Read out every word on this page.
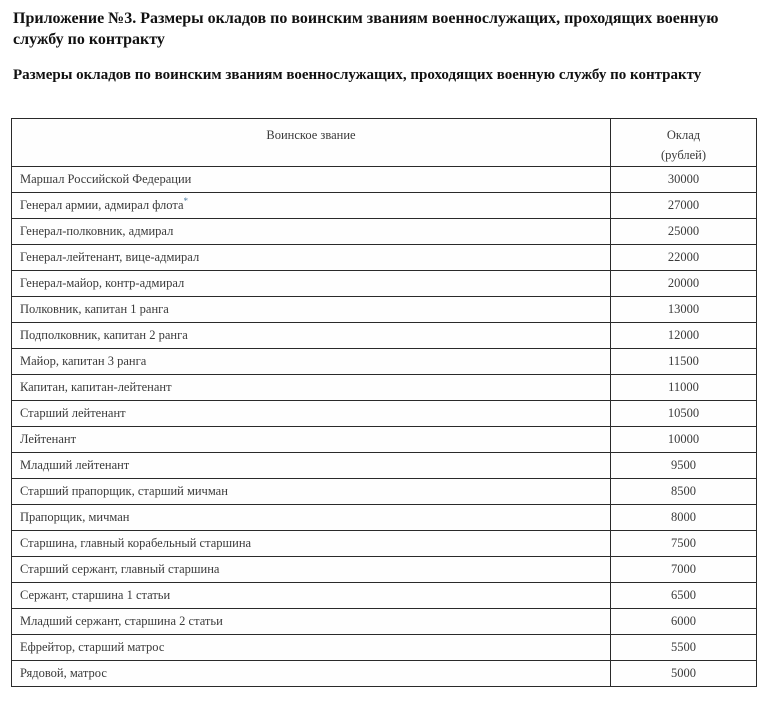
Приложение №3. Размеры окладов по воинским званиям военнослужащих, проходящих военную службу по контракту
Размеры окладов по воинским званиям военнослужащих, проходящих военную службу по контракту
Воинское звание	Оклад
(рублей)

Маршал Российской Федерации	30000
Генерал армии, адмирал флота*	27000
Генерал-полковник, адмирал	25000
Генерал-лейтенант, вице-адмирал	22000
Генерал-майор, контр-адмирал	20000
Полковник, капитан 1 ранга	13000
Подполковник, капитан 2 ранга	12000
Майор, капитан 3 ранга	11500
Капитан, капитан-лейтенант	11000
Старший лейтенант	10500
Лейтенант	10000
Младший лейтенант	9500
Старший прапорщик, старший мичман	8500
Прапорщик, мичман	8000
Старшина, главный корабельный старшина	7500
Старший сержант, главный старшина	7000
Сержант, старшина 1 статьи	6500
Младший сержант, старшина 2 статьи	6000
Ефрейтор, старший матрос	5500
Рядовой, матрос	5000
